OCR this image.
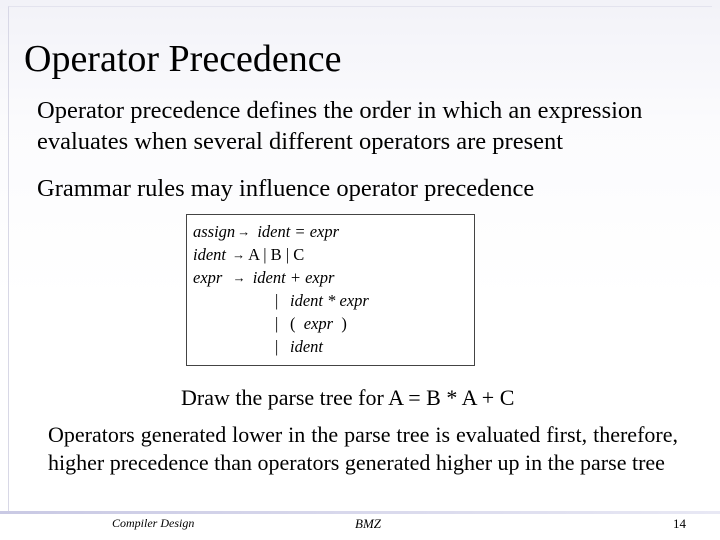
Operator Precedence
Operator precedence defines the order in which an expression evaluates when several different operators are present
Grammar rules may influence operator precedence
assign → ident = expr
ident → A | B | C
expr → ident + expr
| ident * expr
| ( expr )
| ident
Draw the parse tree for A = B * A + C
Operators generated lower in the parse tree is evaluated first, therefore, higher precedence than operators generated higher up in the parse tree
Compiler Design	BMZ	14
